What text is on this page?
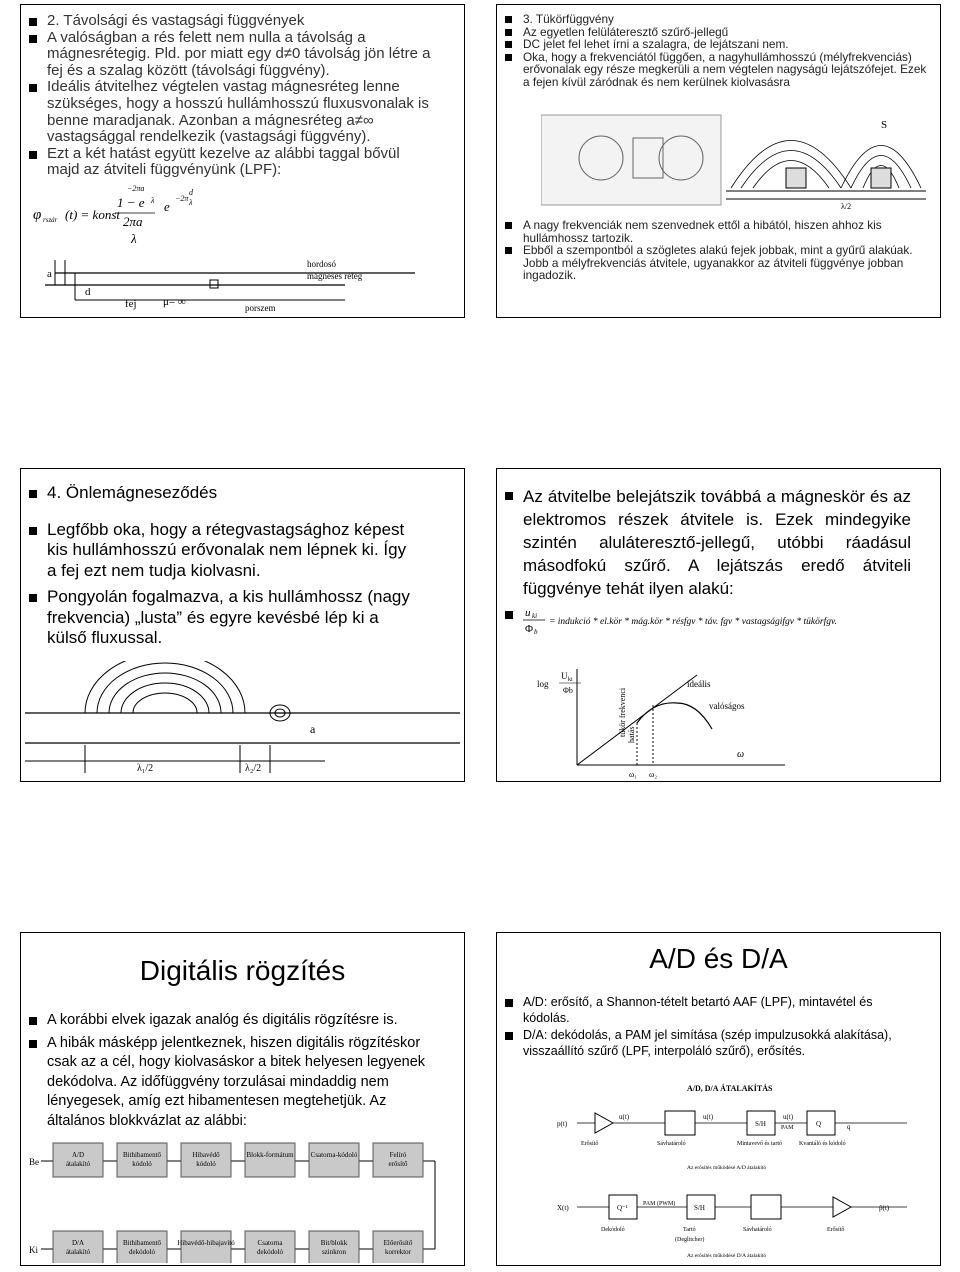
2. Távolsági és vastagsági függvények
A valóságban a rés felett nem nulla a távolság a mágnesrétegig. Pld. por miatt egy d≠0 távolság jön létre a fej és a szalag között (távolsági függvény).
Ideális átvitelhez végtelen vastag mágnesréteg lenne szükséges, hogy a hosszú hullámhosszú fluxusvonalak is benne maradjanak. Azonban a mágnesréteg a≠∞ vastagsággal rendelkezik (vastagsági függvény).
Ezt a két hatást együtt kezelve az alábbi taggal bővül majd az átviteli függvényünk (LPF):
φ rszár (t) = konst
−2πa
1 − e λ
2πa
λ
e
−2π
d
λ
a
d
fej μ= ∞
hordosó
mágneses réteg
porszem
3. Tükörfüggvény
Az egyetlen felüláteresztő szűrő-jellegű
DC jelet fel lehet írni a szalagra, de lejátszani nem.
Oka, hogy a frekvenciától függően, a nagyhullámhosszú (mélyfrekvenciás) erővonalak egy része megkerüli a nem végtelen nagyságú lejátszófejet. Ezek a fejen kívül záródnak és nem kerülnek kiolvasásra
S
λ/2
A nagy frekvenciák nem szenvednek ettől a hibától, hiszen ahhoz kis hullámhossz tartozik.
Ebből a szempontból a szögletes alakú fejek jobbak, mint a gyűrű alakúak. Jobb a mélyfrekvenciás átvitele, ugyanakkor az átviteli függvénye jobban ingadozik.
4. Önlemágneseződés
Legfőbb oka, hogy a rétegvastagsághoz képest kis hullámhosszú erővonalak nem lépnek ki. Így a fej ezt nem tudja kiolvasni.
Pongyolán fogalmazva, a kis hullámhossz (nagy frekvencia) „lusta” és egyre kevésbé lép ki a külső fluxussal.
a
λ₁/2	λ₂/2
Az átvitelbe belejátszik továbbá a mágneskör és az elektromos részek átvitele is. Ezek mindegyike szintén aluláteresztő-jellegű, utóbbi ráadásul másodfokú szűrő. A lejátszás eredő átviteli függvénye tehát ilyen alakú:
u ki
Φ b
= indukció * el.kör * mág.kör * résfgv * táv. fgv * vastagságifgv * tükörfgv.
log
U ki
Φb	tükör frekvenci hatás
ideális
valóságos
ω
ω₁ ω₂
Digitális rögzítés
A korábbi elvek igazak analóg és digitális rögzítésre is.
A hibák másképp jelentkeznek, hiszen digitális rögzítéskor csak az a cél, hogy kiolvasáskor a bitek helyesen legyenek dekódolva. Az időfüggvény torzulásai mindaddig nem lényegesek, amíg ezt hibamentesen megtehetjük. Az általános blokkvázlat az alábbi:
Be
Ki
A/D
átalakító
Bithibamentő
kódoló
Hibavédő
kódoló
Blokk-formátum Csatorna-kódoló	Felíró
erősítő
D/A
átalakító
Bithibamentő
dekódoló
Hibavédő-hibajavító	Csatorna
dekódoló
Bit/blokk
szinkron
Előerősítő
korrektor
A/D és D/A
A/D: erősítő, a Shannon-tételt betartó AAF (LPF), mintavétel és kódolás.
D/A: dekódolás, a PAM jel simítása (szép impulzusokká alakítása), visszaállító szűrő (LPF, interpoláló szűrő), erősítés.
A/D, D/A ÁTALAKÍTÁS
p(t)
u(t)	u(t)	u(t)
S/H	Q
PAM	q
Erősítő	Sávhatároló	Mintavevő és tartó	Kvantáló és kódoló
Az erősítés működésé A/D átalakító
X(t)	p̃(t)
Q⁻¹	S/H
PAM (PWM)
Dekódoló	Tartó	Sávhatároló	Erősítő
(Deglitcher)
Az erősítés működésé D/A átalakító
